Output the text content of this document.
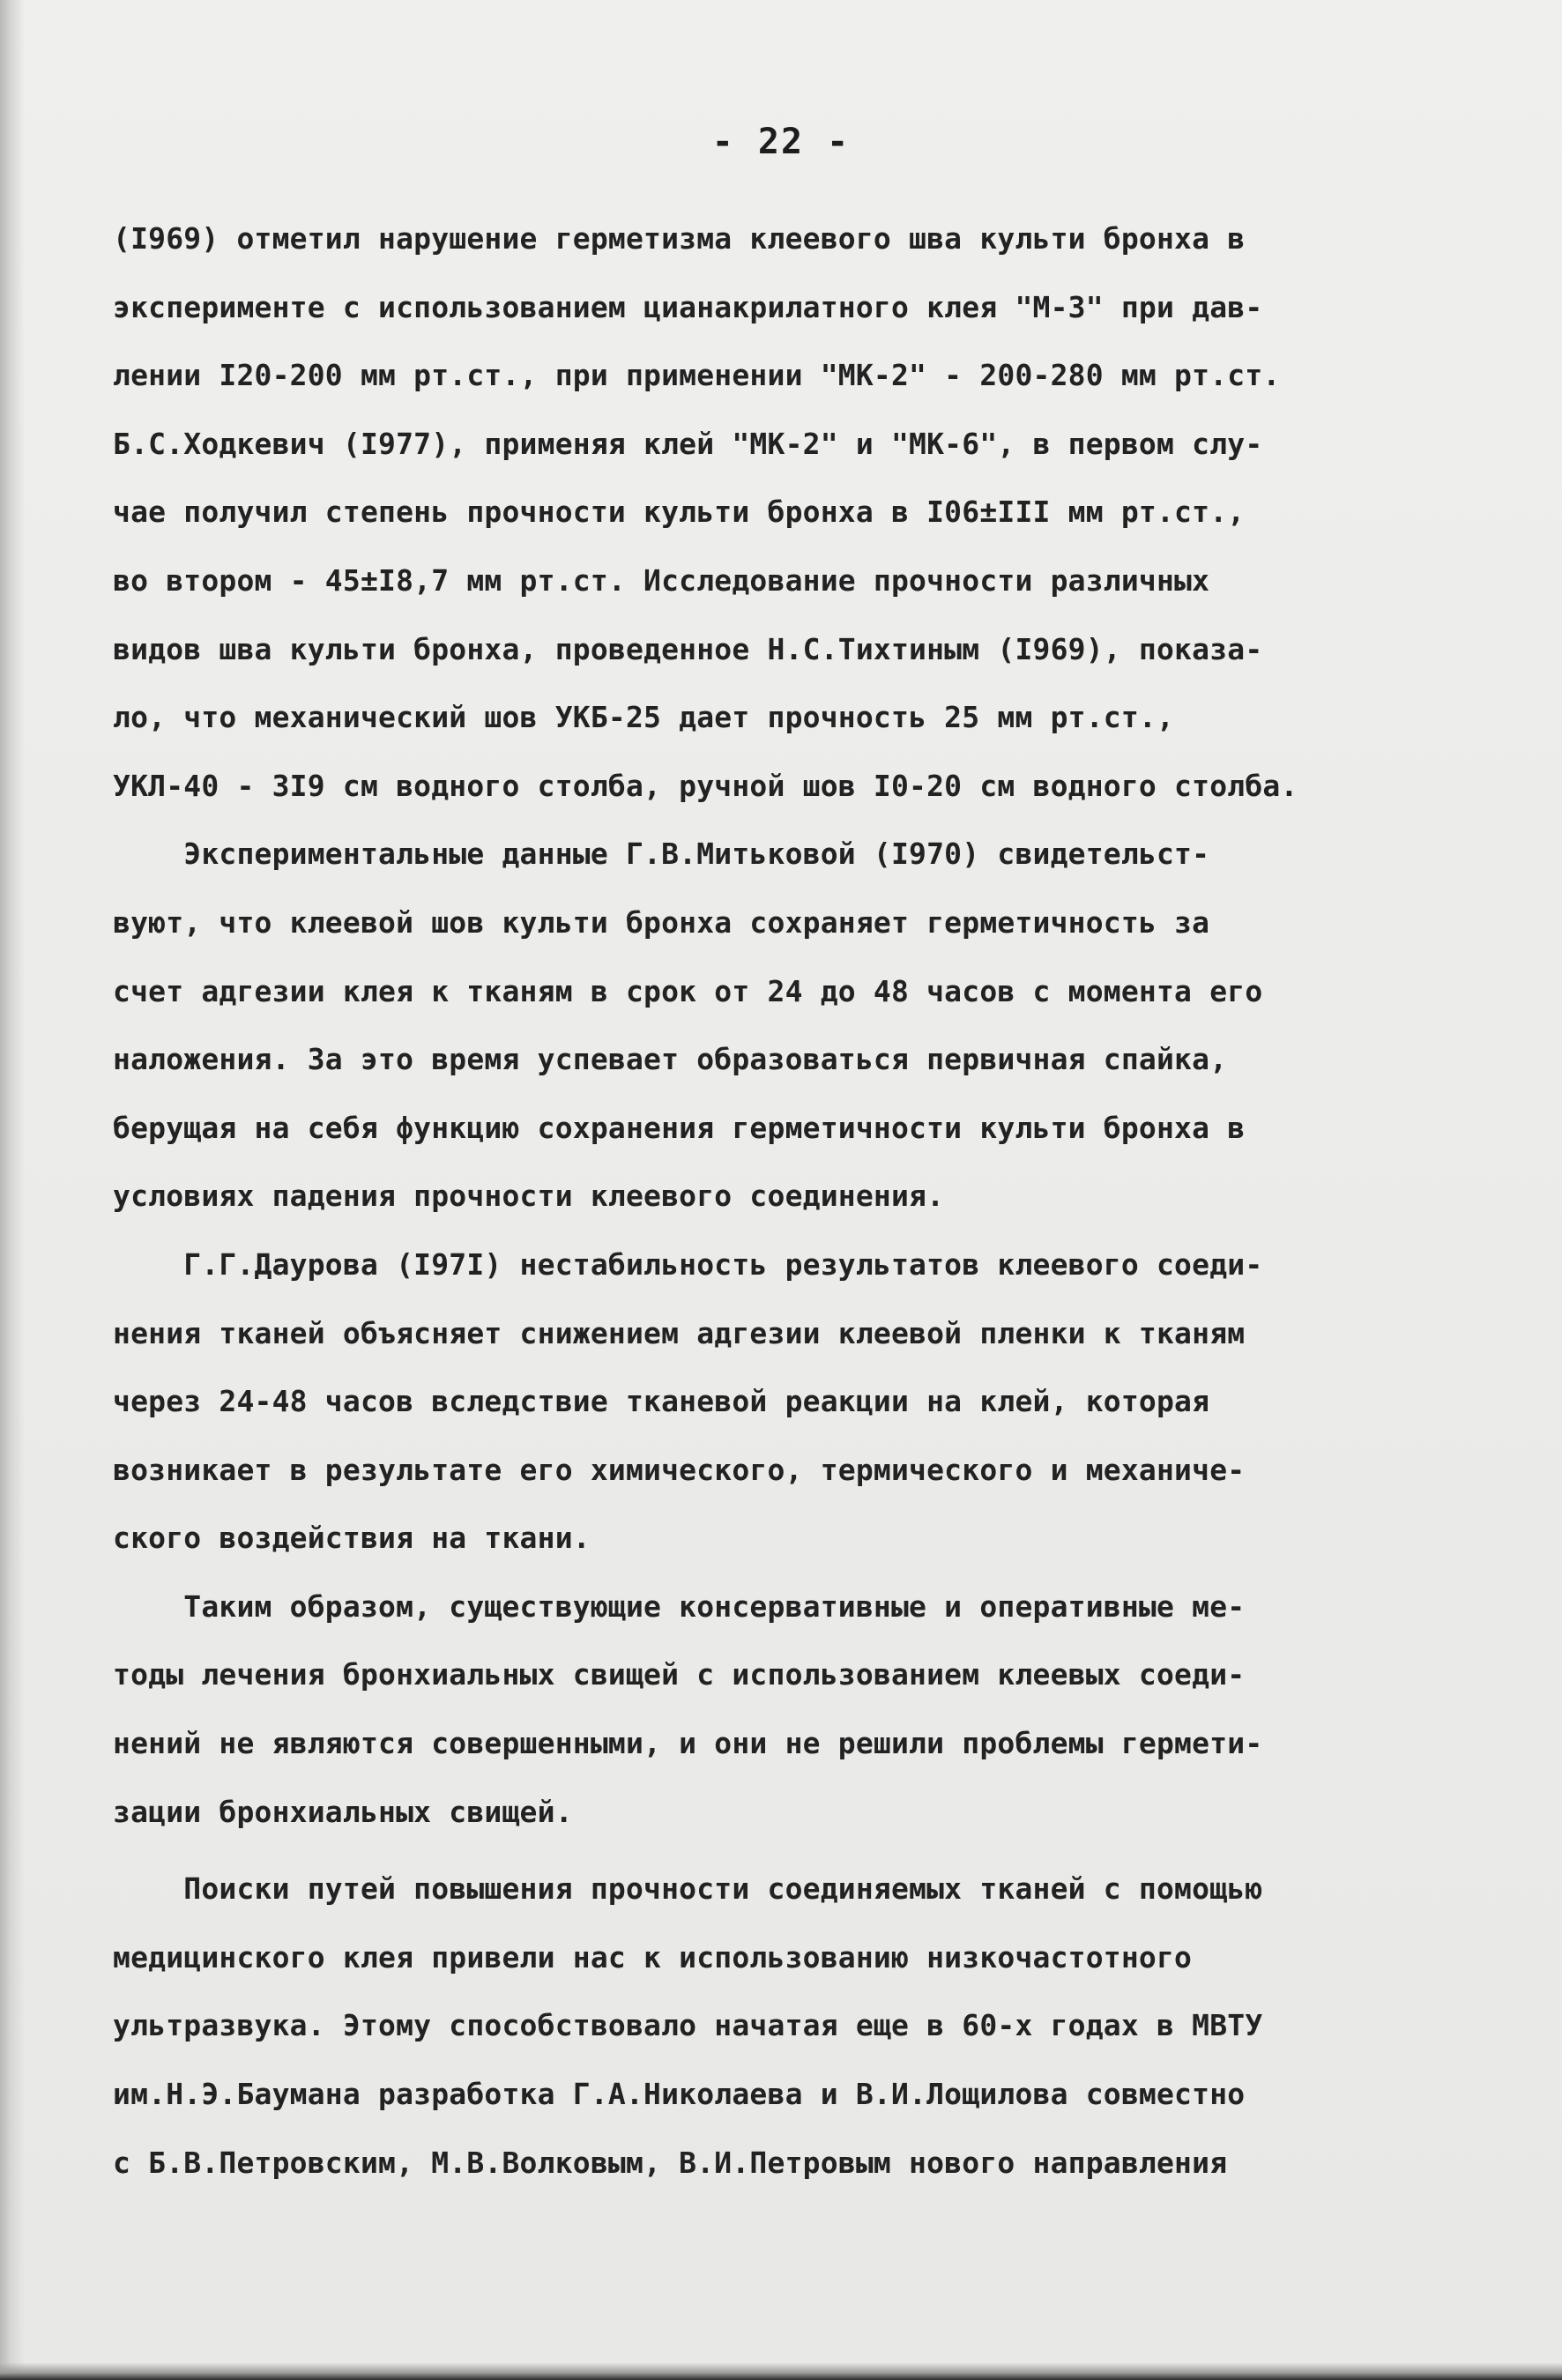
- 22 -
(I969) отметил нарушение герметизма клеевого шва культи бронха в
эксперименте с использованием цианакрилатного клея "М-3" при дав-
лении I20-200 мм рт.ст., при применении "МК-2" - 200-280 мм рт.ст.
Б.С.Ходкевич (I977), применяя клей "МК-2" и "МК-6", в первом слу-
чае получил степень прочности культи бронха в I06±III мм рт.ст.,
во втором - 45±I8,7 мм рт.ст. Исследование прочности различных
видов шва культи бронха, проведенное Н.С.Тихтиным (I969), показа-
ло, что механический шов УКБ-25 дает прочность 25 мм рт.ст.,
УКЛ-40 - 3I9 см водного столба, ручной шов I0-20 см водного столба.
Экспериментальные данные Г.В.Митьковой (I970) свидетельст-
вуют, что клеевой шов культи бронха сохраняет герметичность за
счет адгезии клея к тканям в срок от 24 до 48 часов с момента его
наложения. За это время успевает образоваться первичная спайка,
берущая на себя функцию сохранения герметичности культи бронха в
условиях падения прочности клеевого соединения.
Г.Г.Даурова (I97I) нестабильность результатов клеевого соеди-
нения тканей объясняет снижением адгезии клеевой пленки к тканям
через 24-48 часов вследствие тканевой реакции на клей, которая
возникает в результате его химического, термического и механиче-
ского воздействия на ткани.
Таким образом, существующие консервативные и оперативные ме-
тоды лечения бронхиальных свищей с использованием клеевых соеди-
нений не являются совершенными, и они не решили проблемы гермети-
зации бронхиальных свищей.
Поиски путей повышения прочности соединяемых тканей с помощью
медицинского клея привели нас к использованию низкочастотного
ультразвука. Этому способствовало начатая еще в 60-х годах в МВТУ
им.Н.Э.Баумана разработка Г.А.Николаева и В.И.Лощилова совместно
с Б.В.Петровским, М.В.Волковым, В.И.Петровым нового направления
